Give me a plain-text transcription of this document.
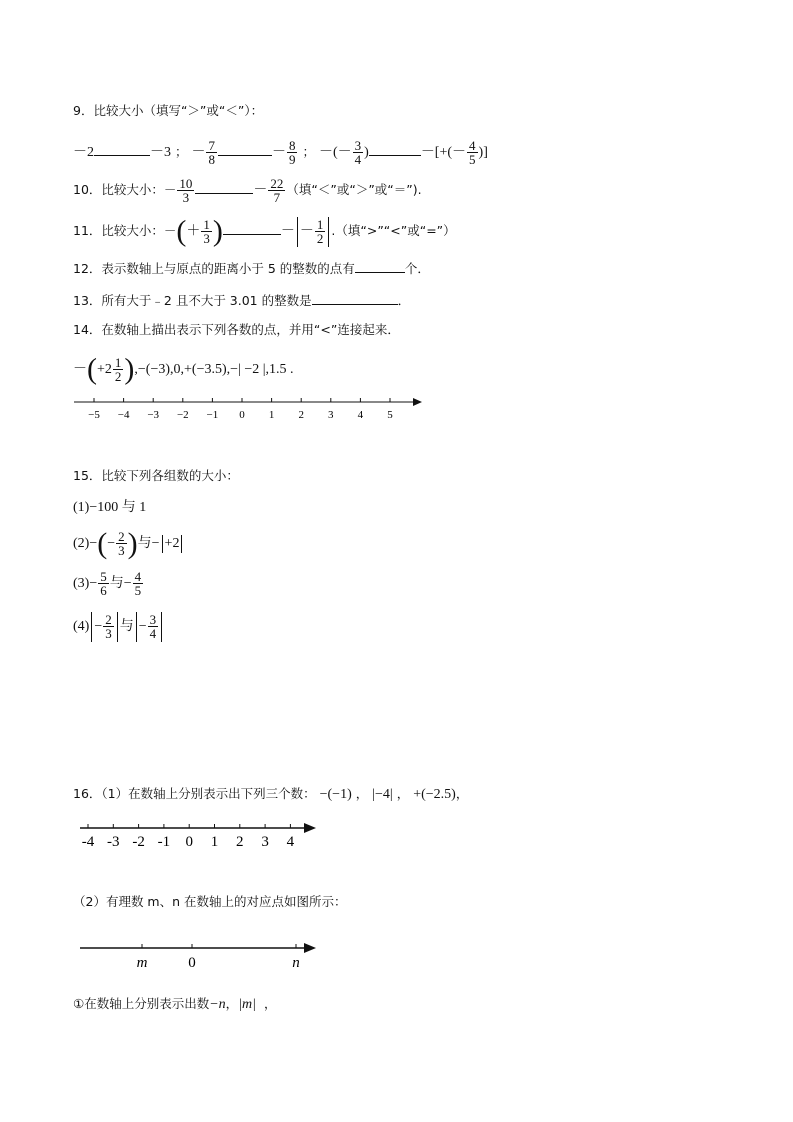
9．比较大小（填写“＞”或“＜”）：
－2	－3 ； － $\frac{7}{8}$	－ $\frac{8}{9}$ ； －(－ $\frac{3}{4}$ )	－[+(－ $\frac{4}{5}$ )]
10．比较大小：－ $\frac{10}{3}$	－ $\frac{22}{7}$ （填“＜”或“＞”或“＝”).
11．比较大小：－(＋ $\frac{1}{3}$ )	－ － $\frac{1}{2}$ .（填“>”“<”或“=”）
12．表示数轴上与原点的距离小于 5 的整数的点有	个．
13．所有大于﹣2 且不大于 3.01 的整数是	．
14．在数轴上描出表示下列各数的点，并用“<”连接起来．
$-(+2 \frac{1}{2} ),-(-3),0,+(-3.5),-| -2$ |,1.5 .
−5 −4 −3 −2 −1 0 1 2 3 4 5
15．比较下列各组数的大小：
(1)−100 与 1
$(2)-(- \frac{2}{3}$ )与− +2
$(3)- \frac{5}{6}$ 与− $\frac{4}{5}$
$(4) - \frac{2}{3}$ 与 − $\frac{3}{4}$
16．（1）在数轴上分别表示出下列三个数： −(−1) ， |−4| ， +(−2.5)，
-4 -3 -2 -1 0 1 2 3 4
（2）有理数 m、n 在数轴上的对应点如图所示：
m	0	n
①在数轴上分别表示出数−n，|m| ，
